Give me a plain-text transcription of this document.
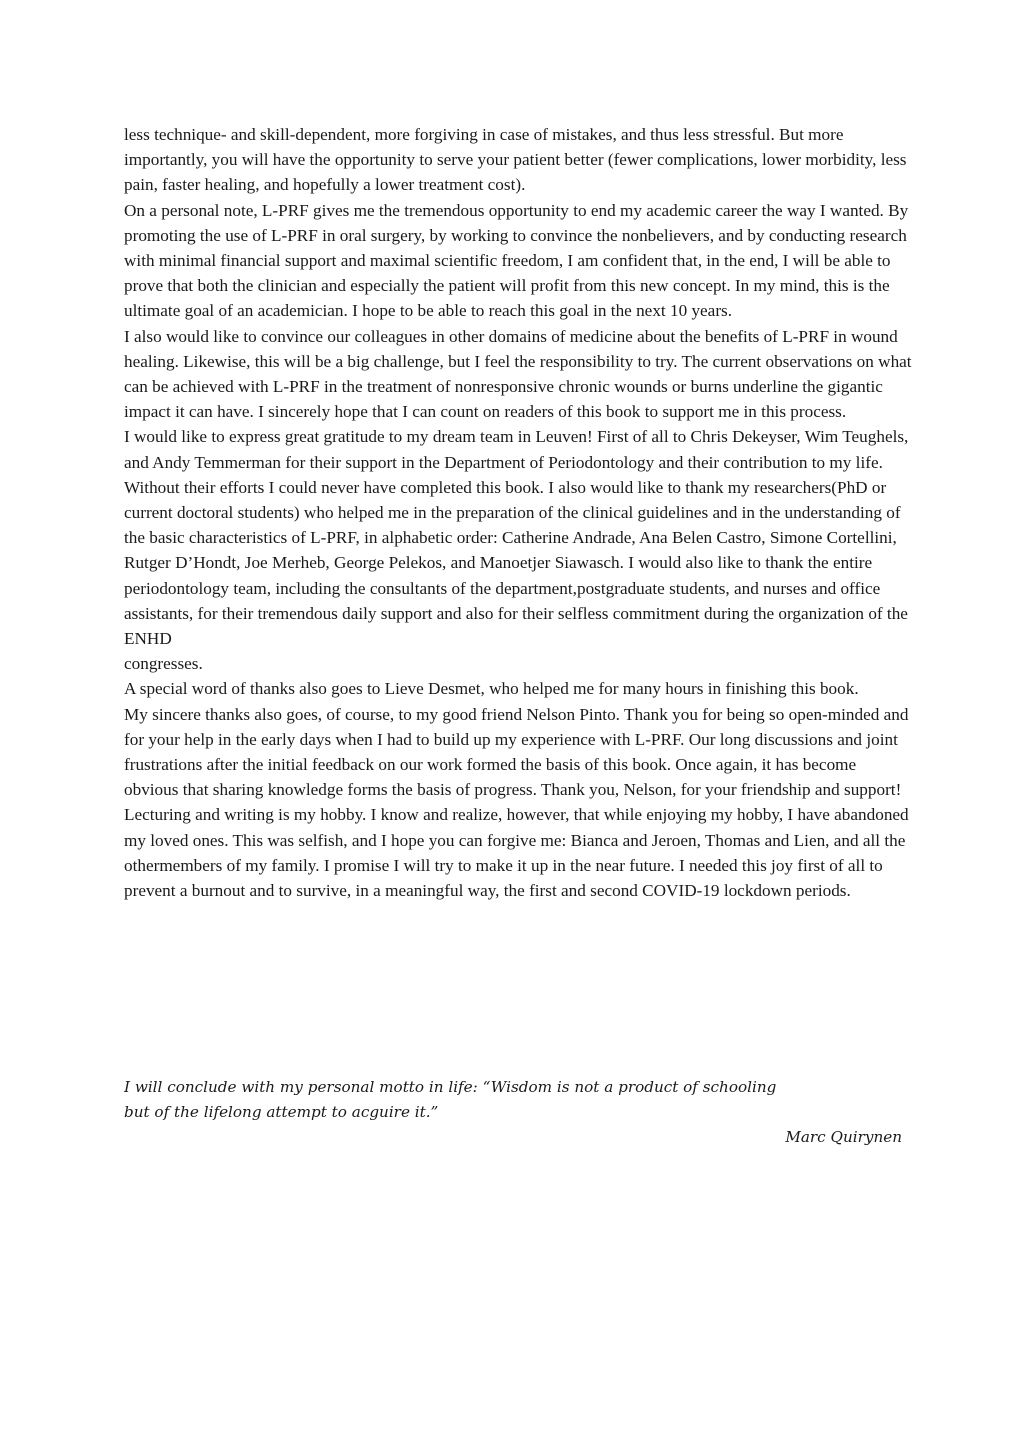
less technique- and skill-dependent, more forgiving in case of mistakes, and thus less stressful. But more importantly, you will have the opportunity to serve your patient better (fewer complications, lower morbidity, less pain, faster healing, and hopefully a lower treatment cost).

On a personal note, L-PRF gives me the tremendous opportunity to end my academic career the way I wanted. By promoting the use of L-PRF in oral surgery, by working to convince the nonbelievers, and by conducting research with minimal financial support and maximal scientific freedom, I am confident that, in the end, I will be able to prove that both the clinician and especially the patient will profit from this new concept. In my mind, this is the ultimate goal of an academician. I hope to be able to reach this goal in the next 10 years.

I also would like to convince our colleagues in other domains of medicine about the benefits of L-PRF in wound healing. Likewise, this will be a big challenge, but I feel the responsibility to try. The current observations on what can be achieved with L-PRF in the treatment of nonresponsive chronic wounds or burns underline the gigantic impact it can have. I sincerely hope that I can count on readers of this book to support me in this process.

I would like to express great gratitude to my dream team in Leuven! First of all to Chris Dekeyser, Wim Teughels, and Andy Temmerman for their support in the Department of Periodontology and their contribution to my life. Without their efforts I could never have completed this book. I also would like to thank my researchers(PhD or current doctoral students) who helped me in the preparation of the clinical guidelines and in the understanding of the basic characteristics of L-PRF, in alphabetic order: Catherine Andrade, Ana Belen Castro, Simone Cortellini, Rutger D’Hondt, Joe Merheb, George Pelekos, and Manoetjer Siawasch. I would also like to thank the entire periodontology team, including the consultants of the department,postgraduate students, and nurses and office assistants, for their tremendous daily support and also for their selfless commitment during the organization of the ENHD

congresses.

A special word of thanks also goes to Lieve Desmet, who helped me for many hours in finishing this book.

My sincere thanks also goes, of course, to my good friend Nelson Pinto. Thank you for being so open-minded and for your help in the early days when I had to build up my experience with L-PRF. Our long discussions and joint frustrations after the initial feedback on our work formed the basis of this book. Once again, it has become obvious that sharing knowledge forms the basis of progress. Thank you, Nelson, for your friendship and support!

Lecturing and writing is my hobby. I know and realize, however, that while enjoying my hobby, I have abandoned my loved ones. This was selfish, and I hope you can forgive me: Bianca and Jeroen, Thomas and Lien, and all the othermembers of my family. I promise I will try to make it up in the near future. I needed this joy first of all to prevent a burnout and to survive, in a meaningful way, the first and second COVID-19 lockdown periods.

I will conclude with my personal motto in life: “Wisdom is not a product of schooling

but of the lifelong attempt to acguire it.”

Marc Quirynen
